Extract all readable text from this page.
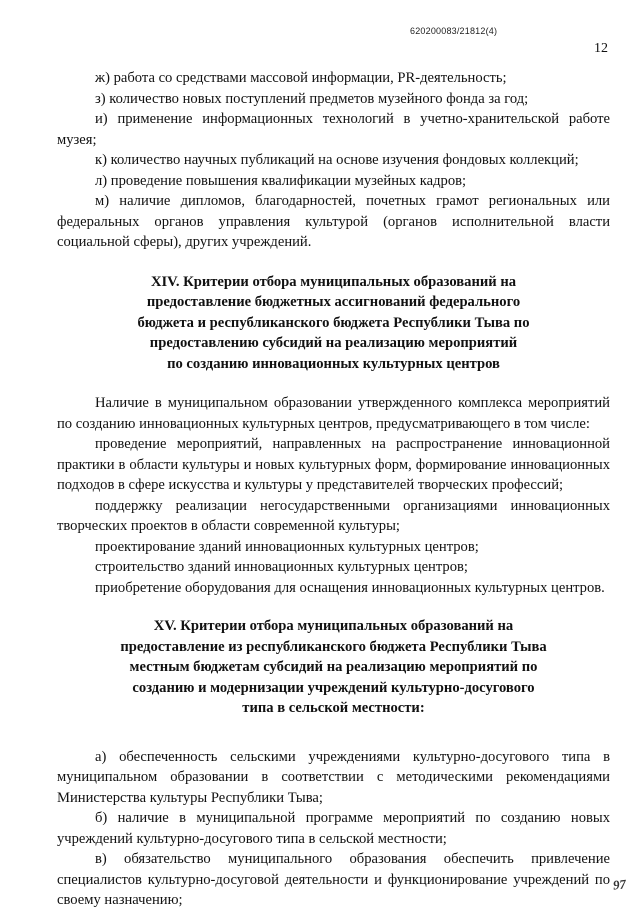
620200083/21812(4)
12

ж) работа со средствами массовой информации, PR-деятельность;

з) количество новых поступлений предметов музейного фонда за год;

и) применение информационных технологий в учетно-хранительской работе музея;

к) количество научных публикаций на основе изучения фондовых коллекций;

л) проведение повышения квалификации музейных кадров;

м) наличие дипломов, благодарностей, почетных грамот региональных или федеральных органов управления культурой (органов исполнительной власти социальной сферы), других учреждений.

XIV. Критерии отбора муниципальных образований на
предоставление бюджетных ассигнований федерального
бюджета и республиканского бюджета Республики Тыва по
предоставлению субсидий на реализацию мероприятий
по созданию инновационных культурных центров

Наличие в муниципальном образовании утвержденного комплекса мероприятий по созданию инновационных культурных центров, предусматривающего в том числе:

проведение мероприятий, направленных на распространение инновационной практики в области культуры и новых культурных форм, формирование инновационных подходов в сфере искусства и культуры у представителей творческих профессий;

поддержку реализации негосударственными организациями инновационных творческих проектов в области современной культуры;

проектирование зданий инновационных культурных центров;

строительство зданий инновационных культурных центров;

приобретение оборудования для оснащения инновационных культурных центров.

XV. Критерии отбора муниципальных образований на
предоставление из республиканского бюджета Республики Тыва
местным бюджетам субсидий на реализацию мероприятий по
созданию и модернизации учреждений культурно-досугового
типа в сельской местности:

а) обеспеченность сельскими учреждениями культурно-досугового типа в муниципальном образовании в соответствии с методическими рекомендациями Министерства культуры Республики Тыва;

б) наличие в муниципальной программе мероприятий по созданию новых учреждений культурно-досугового типа в сельской местности;

в) обязательство муниципального образования обеспечить привлечение специалистов культурно-досуговой деятельности и функционирование учреждений по своему назначению;

97
